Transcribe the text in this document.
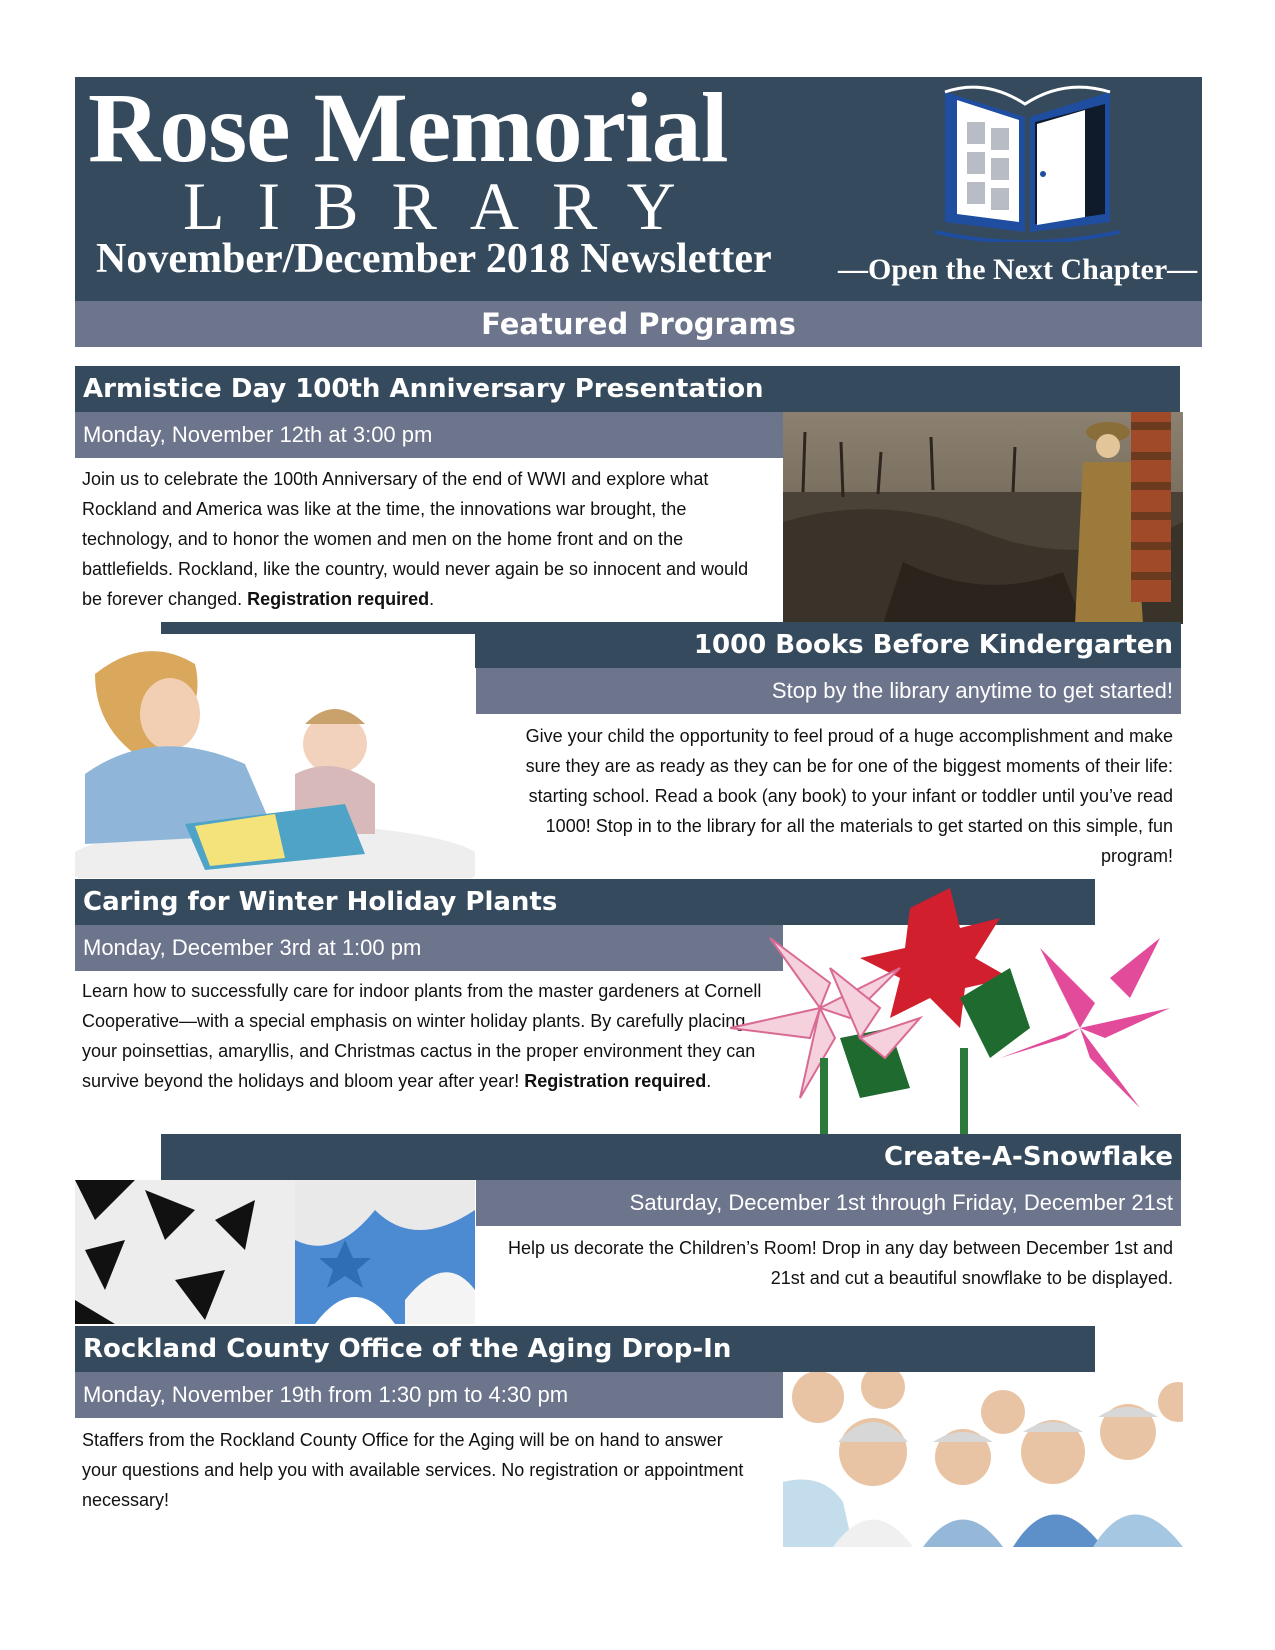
Rose Memorial
LIBRARY
November/December 2018 Newsletter —Open the Next Chapter—
Featured Programs
Armistice Day 100th Anniversary Presentation
Monday, November 12th at 3:00 pm
Join us to celebrate the 100th Anniversary of the end of WWI and explore what Rockland and America was like at the time, the innovations war brought, the technology, and to honor the women and men on the home front and on the battlefields. Rockland, like the country, would never again be so innocent and would be forever changed. Registration required.
1000 Books Before Kindergarten
Stop by the library anytime to get started!
Give your child the opportunity to feel proud of a huge accomplishment and make sure they are as ready as they can be for one of the biggest moments of their life: starting school. Read a book (any book) to your infant or toddler until you’ve read 1000! Stop in to the library for all the materials to get started on this simple, fun program!
Caring for Winter Holiday Plants
Monday, December 3rd at 1:00 pm
Learn how to successfully care for indoor plants from the master gardeners at Cornell Cooperative—with a special emphasis on winter holiday plants. By carefully placing your poinsettias, amaryllis, and Christmas cactus in the proper environment they can survive beyond the holidays and bloom year after year! Registration required.
Create-A-Snowflake
Saturday, December 1st through Friday, December 21st
Help us decorate the Children’s Room! Drop in any day between December 1st and 21st and cut a beautiful snowflake to be displayed.
Rockland County Office of the Aging Drop-In
Monday, November 19th from 1:30 pm to 4:30 pm
Staffers from the Rockland County Office for the Aging will be on hand to answer your questions and help you with available services. No registration or appointment necessary!
